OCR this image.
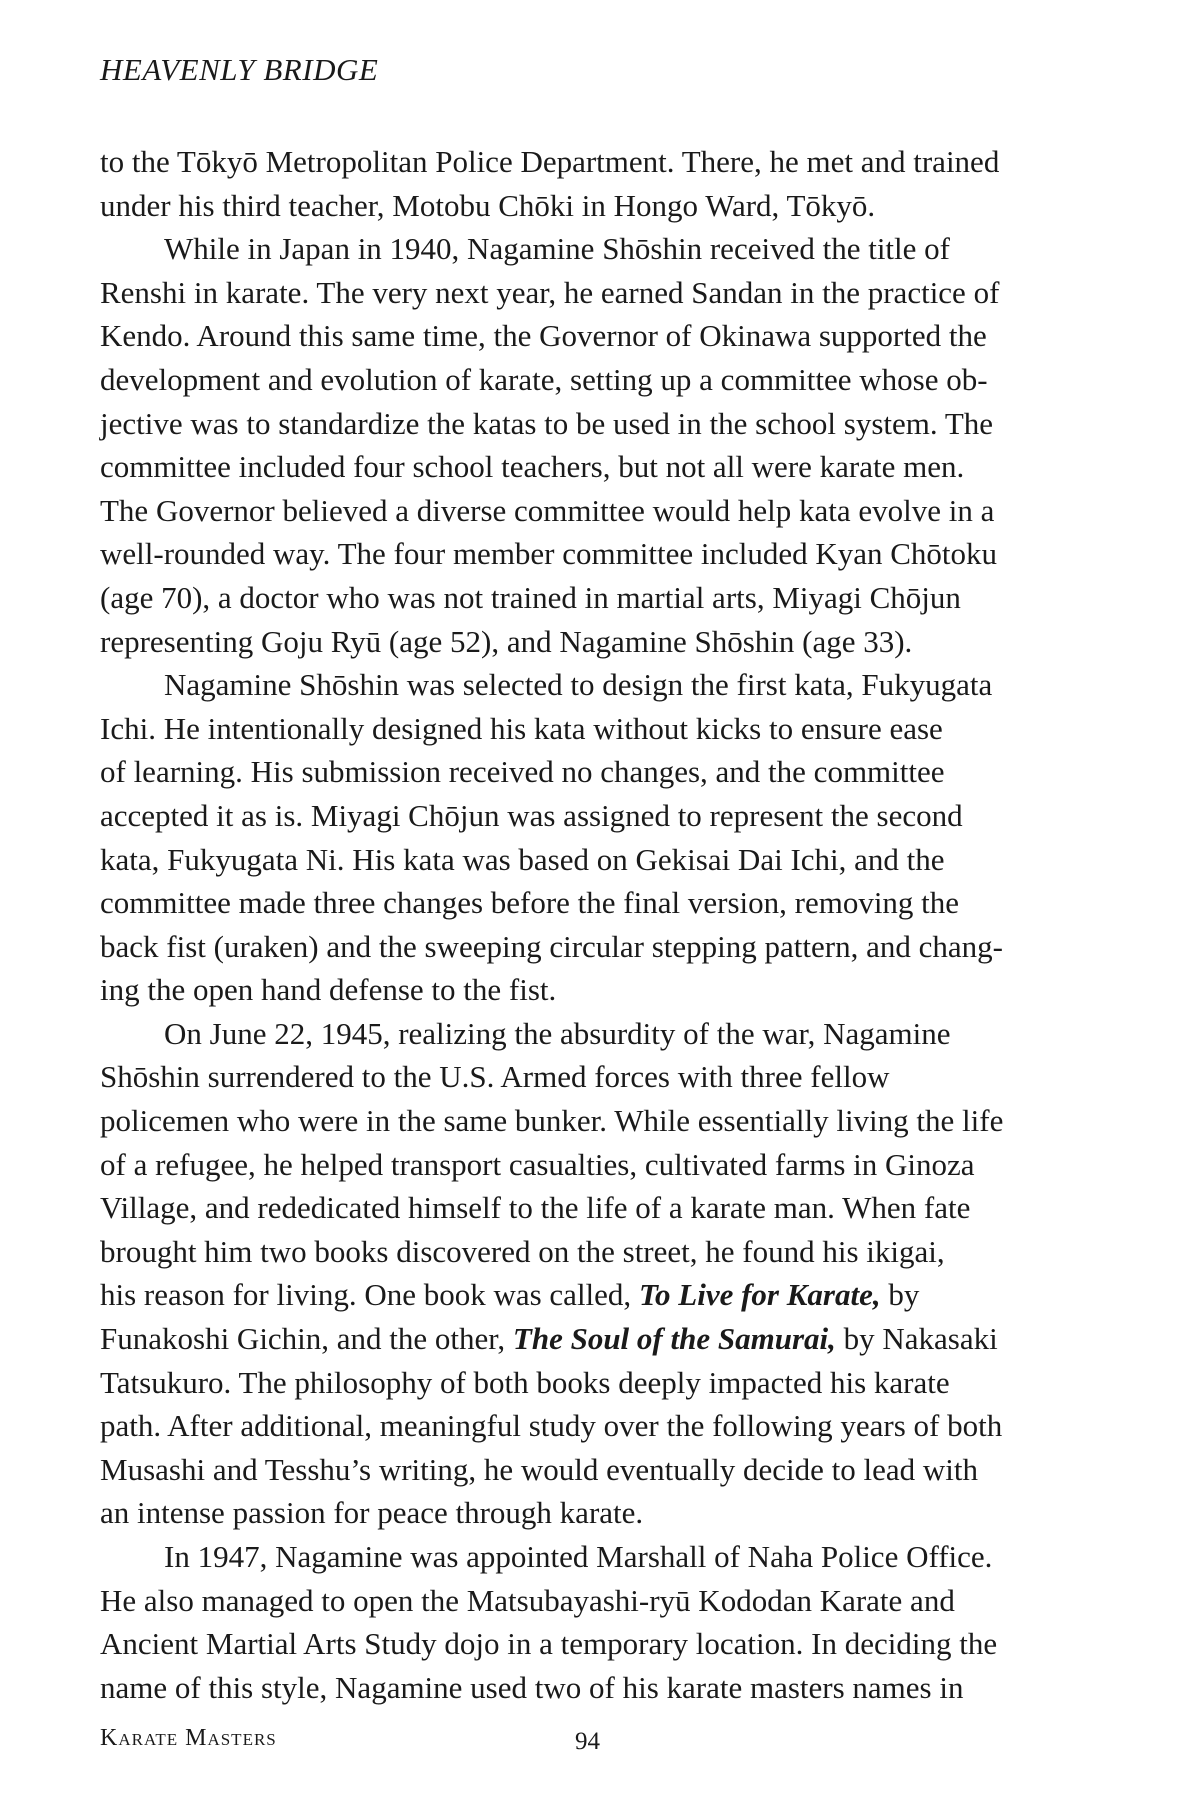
HEAVENLY BRIDGE
to the Tōkyō Metropolitan Police Department. There, he met and trained
under his third teacher, Motobu Chōki in Hongo Ward, Tōkyō.
While in Japan in 1940, Nagamine Shōshin received the title of
Renshi in karate. The very next year, he earned Sandan in the practice of
Kendo. Around this same time, the Governor of Okinawa supported the
development and evolution of karate, setting up a committee whose ob-
jective was to standardize the katas to be used in the school system. The
committee included four school teachers, but not all were karate men.
The Governor believed a diverse committee would help kata evolve in a
well-rounded way. The four member committee included Kyan Chōtoku
(age 70), a doctor who was not trained in martial arts, Miyagi Chōjun
representing Goju Ryū (age 52), and Nagamine Shōshin (age 33).
Nagamine Shōshin was selected to design the first kata, Fukyugata
Ichi. He intentionally designed his kata without kicks to ensure ease
of learning. His submission received no changes, and the committee
accepted it as is. Miyagi Chōjun was assigned to represent the second
kata, Fukyugata Ni. His kata was based on Gekisai Dai Ichi, and the
committee made three changes before the final version, removing the
back fist (uraken) and the sweeping circular stepping pattern, and chang-
ing the open hand defense to the fist.
On June 22, 1945, realizing the absurdity of the war, Nagamine
Shōshin surrendered to the U.S. Armed forces with three fellow
policemen who were in the same bunker. While essentially living the life
of a refugee, he helped transport casualties, cultivated farms in Ginoza
Village, and rededicated himself to the life of a karate man. When fate
brought him two books discovered on the street, he found his ikigai,
his reason for living. One book was called, To Live for Karate, by
Funakoshi Gichin, and the other, The Soul of the Samurai, by Nakasaki
Tatsukuro. The philosophy of both books deeply impacted his karate
path. After additional, meaningful study over the following years of both
Musashi and Tesshu’s writing, he would eventually decide to lead with
an intense passion for peace through karate.
In 1947, Nagamine was appointed Marshall of Naha Police Office.
He also managed to open the Matsubayashi-ryū Kododan Karate and
Ancient Martial Arts Study dojo in a temporary location. In deciding the
name of this style, Nagamine used two of his karate masters names in
Karate Masters	94
